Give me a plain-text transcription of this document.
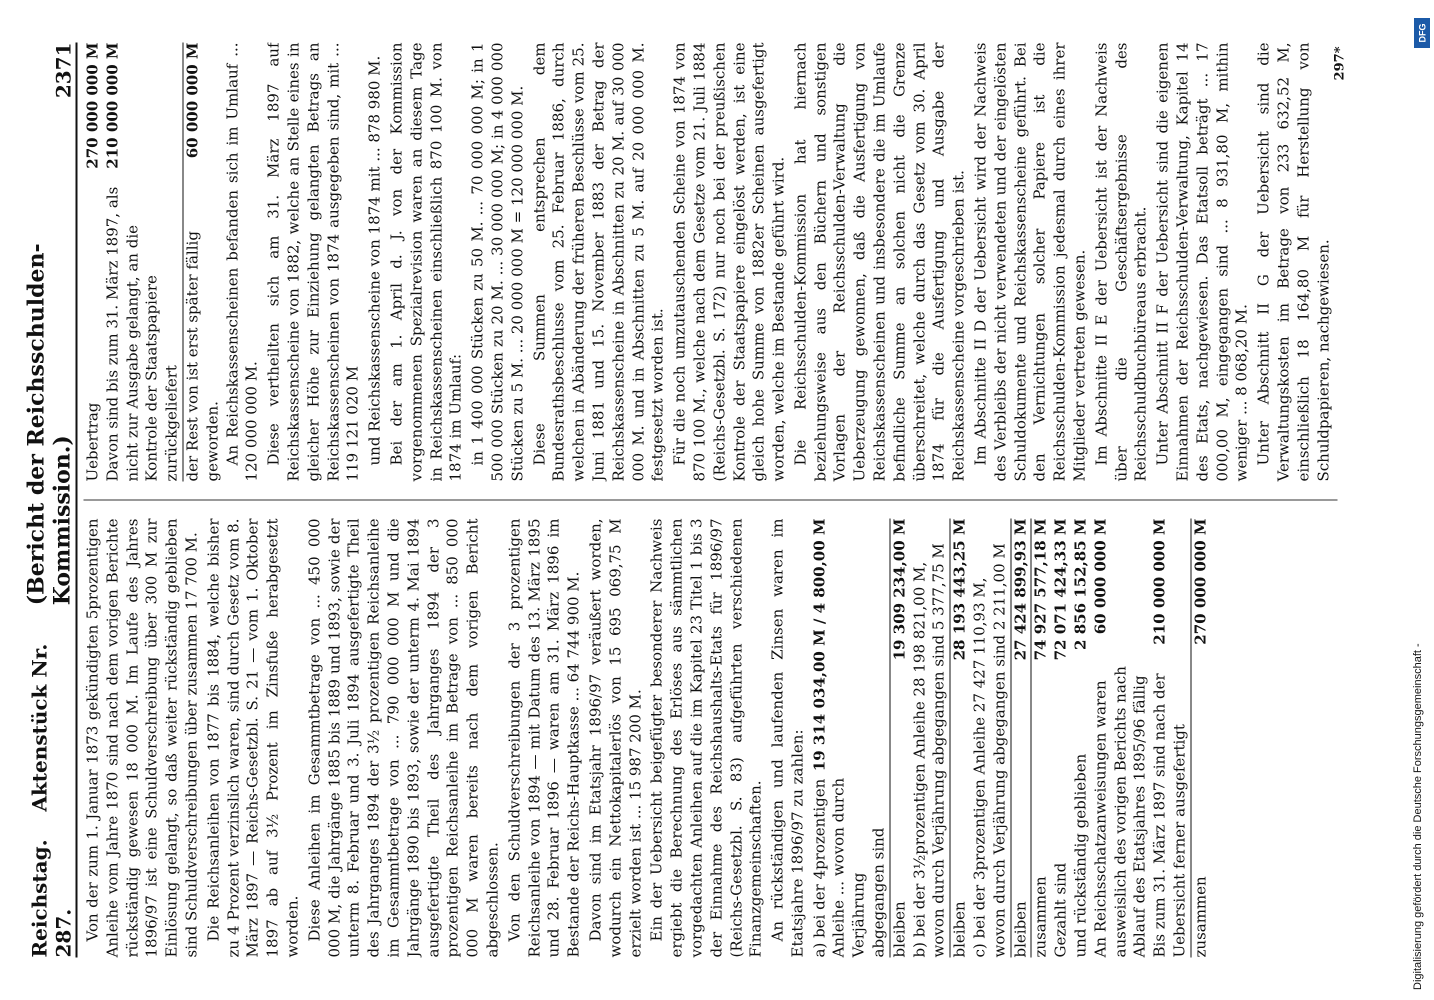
Reichstag.    Aktenstück Nr. 287.
(Bericht der Reichsschulden-Kommission.)
2371

Von der zum 1. Januar 1873 gekündigten 5prozentigen Anleihe vom Jahre 1870 sind nach dem vorigen Berichte rückständig gewesen 18 000 M. Im Laufe des Jahres 1896/97 ist eine Schuldverschreibung über 300 M zur Einlösung gelangt, so daß weiter rückständig geblieben sind Schuldverschreibungen über zusammen 17 700 M. Die Reichsanleihen von 1877 bis 1884, welche bisher zu 4 Prozent verzinslich waren, sind durch Gesetz vom 8. März 1897 — Reichs-Gesetzbl. S. 21 — vom 1. Oktober 1897 ab auf 3½ Prozent im Zinsfuße herabgesetzt worden. Diese Anleihen im Gesammtbetrage von ... 450 000 000 M, die Jahrgänge 1885 bis 1889 und 1893, sowie der unterm 8. Februar und 3. Juli 1894 ausgefertigte Theil des Jahrganges 1894 der 3½ prozentigen Reichsanleihe im Gesammtbetrage von ... 790 000 000 M und die Jahrgänge 1890 bis 1893, sowie der unterm 4. Mai 1894 ausgefertigte Theil des Jahrganges 1894 der 3 prozentigen Reichsanleihe im Betrage von ... 850 000 000 M waren bereits nach dem vorigen Bericht abgeschlossen. Von den Schuldverschreibungen der 3 prozentigen Reichsanleihe von 1894 — mit Datum des 13. März 1895 und 28. Februar 1896 — waren am 31. März 1896 im Bestande der Reichs-Hauptkasse ... 64 744 900 M. Davon sind im Etatsjahr 1896/97 veräußert worden, wodurch ein Nettokapitalerlös von 15 695 069,75 M erzielt worden ist ... 15 987 200 M. Ein der Uebersicht beigefügter besonderer Nachweis ergiebt die Berechnung des Erlöses aus sämmtlichen vorgedachten Anleihen auf die im Kapitel 23 Titel 1 bis 3 der Einnahme des Reichshaushalts-Etats für 1896/97 (Reichs-Gesetzbl. S. 83) aufgeführten verschiedenen Finanzgemeinschaften. An rückständigen und laufenden Zinsen waren im Etatsjahre 1896/97 zu zahlen: a) bei der 4prozentigen Anleihe ... wovon durch Verjährung abgegangen sind
19 314 034,00 M / 4 800,00 M
bleiben
19 309 234,00 M b) bei der 3½prozentigen Anleihe 28 198 821,00 M, wovon durch Verjährung abgegangen sind 5 377,75 M bleiben
28 193 443,25 M c) bei der 3prozentigen Anleihe 27 427 110,93 M, wovon durch Verjährung abgegangen sind 2 211,00 M bleiben
27 424 899,93 M
zusammen
74 927 577,18 M
Gezahlt sind
72 071 424,33 M
und rückständig geblieben
2 856 152,85 M
An Reichsschatzanweisungen waren ausweislich des vorigen Berichts nach Ablauf des Etatsjahres 1895/96 fällig
60 000 000 M
Bis zum 31. März 1897 sind nach der Uebersicht ferner ausgefertigt
210 000 000 M
zusammen
270 000 000 M
Uebertrag
270 000 000 M
Davon sind bis zum 31. März 1897, als nicht zur Ausgabe gelangt, an die Kontrole der Staatspapiere zurückgeliefert
210 000 000 M
der Rest von ist erst später fällig geworden.
60 000 000 M An Reichskassenscheinen befanden sich im Umlauf ... 120 000 000 M. Diese vertheilten sich am 31. März 1897 auf Reichskassenscheine von 1882, welche an Stelle eines in gleicher Höhe zur Einziehung gelangten Betrags an Reichskassenscheinen von 1874 ausgegeben sind, mit ... 119 121 020 M und Reichskassenscheine von 1874 mit ... 878 980 M. Bei der am 1. April d. J. von der Kommission vorgenommenen Spezialrevision waren an diesem Tage in Reichskassenscheinen einschließlich 870 100 M. von 1874 im Umlauf: in 1 400 000 Stücken zu 50 M. ... 70 000 000 M; in 1 500 000 Stücken zu 20 M. ... 30 000 000 M; in 4 000 000 Stücken zu 5 M. ... 20 000 000 M = 120 000 000 M. Diese Summen entsprechen dem Bundesrathsbeschlusse vom 25. Februar 1886, durch welchen in Abänderung der früheren Beschlüsse vom 25. Juni 1881 und 15. November 1883 der Betrag der Reichskassenscheine in Abschnitten zu 20 M. auf 30 000 000 M. und in Abschnitten zu 5 M. auf 20 000 000 M. festgesetzt worden ist. Für die noch umzutauschenden Scheine von 1874 von 870 100 M., welche nach dem Gesetze vom 21. Juli 1884 (Reichs-Gesetzbl. S. 172) nur noch bei der preußischen Kontrole der Staatspapiere eingelöst werden, ist eine gleich hohe Summe von 1882er Scheinen ausgefertigt worden, welche im Bestande geführt wird. Die Reichsschulden-Kommission hat hiernach beziehungsweise aus den Büchern und sonstigen Vorlagen der Reichsschulden-Verwaltung die Ueberzeugung gewonnen, daß die Ausfertigung von Reichskassenscheinen und insbesondere die im Umlaufe befindliche Summe an solchen nicht die Grenze überschreitet, welche durch das Gesetz vom 30. April 1874 für die Ausfertigung und Ausgabe der Reichskassenscheine vorgeschrieben ist. Im Abschnitte II D der Uebersicht wird der Nachweis des Verbleibs der nicht verwendeten und der eingelösten Schuldokumente und Reichskassenscheine geführt. Bei den Vernichtungen solcher Papiere ist die Reichsschulden-Kommission jedesmal durch eines ihrer Mitglieder vertreten gewesen. Im Abschnitte II E der Uebersicht ist der Nachweis über die Geschäftsergebnisse des Reichsschuldbuchbüreaus erbracht. Unter Abschnitt II F der Uebersicht sind die eigenen Einnahmen der Reichsschulden-Verwaltung, Kapitel 14 des Etats, nachgewiesen. Das Etatsoll beträgt ... 17 000,00 M, eingegangen sind ... 8 931,80 M, mithin weniger ... 8 068,20 M. Unter Abschnitt II G der Uebersicht sind die Verwaltungskosten im Betrage von 233 632,52 M, einschließlich 18 164,80 M für Herstellung von Schuldpapieren, nachgewiesen.

297*
DFG
Digitalisierung gefördert durch die Deutsche Forschungsgemeinschaft -
